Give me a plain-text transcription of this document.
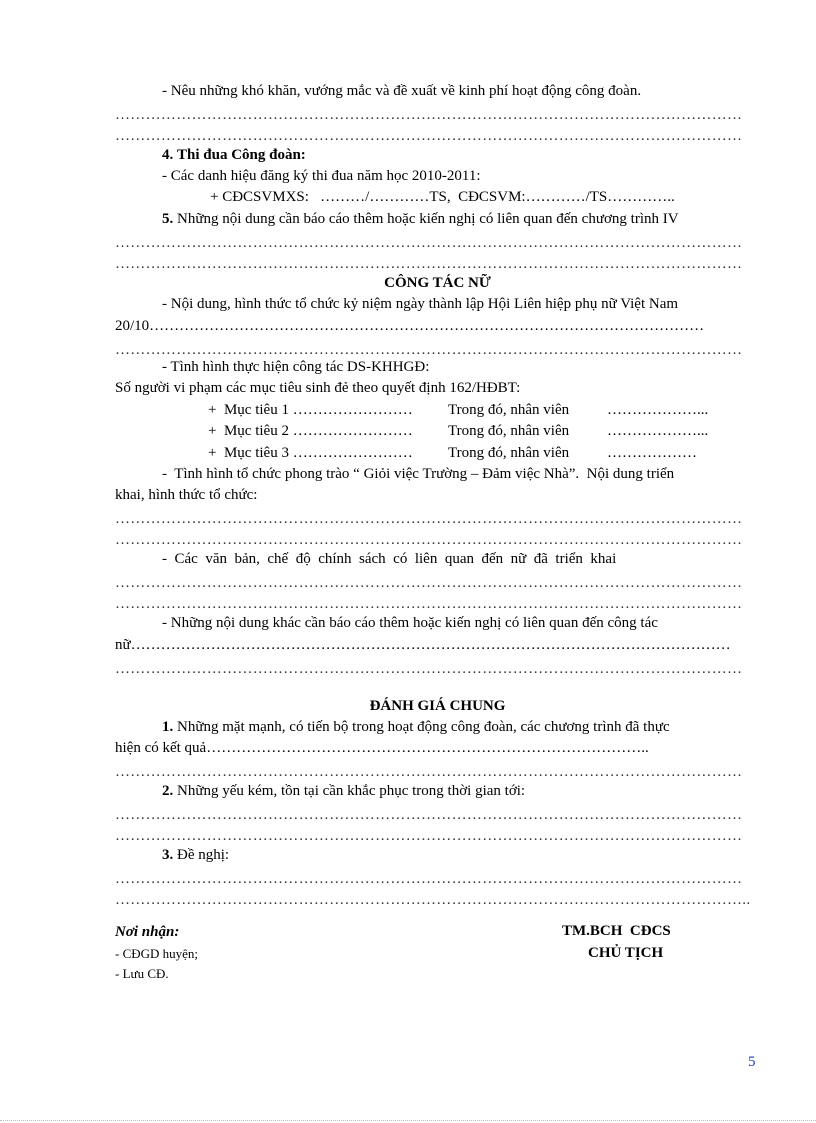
- Nêu những khó khăn, vướng mắc và đề xuất về kinh phí hoạt động công đoàn.
……………………………………………………………………………………………………………
……………………………………………………………………………………………………………
4. Thi đua Công đoàn:
- Các danh hiệu đăng ký thi đua năm học 2010-2011:
+ CĐCSVMXS:   ………/…………TS,  CĐCSVM:…………/TS…………..
5. Những nội dung cần báo cáo thêm hoặc kiến nghị có liên quan đến chương trình IV
……………………………………………………………………………………………………………
……………………………………………………………………………………………………………
CÔNG TÁC NỮ
- Nội dung, hình thức tổ chức kỷ niệm ngày thành lập Hội Liên hiệp phụ nữ Việt Nam
20/10…………………………………………………………………………………………………
……………………………………………………………………………………………………………
- Tình hình thực hiện công tác DS-KHHGĐ:
Số người vi phạm các mục tiêu sinh đẻ theo quyết định 162/HĐBT:
+  Mục tiêu 1 …………………… Trong đó, nhân viên	………………...
+  Mục tiêu 2 …………………… Trong đó, nhân viên	………………...
+  Mục tiêu 3 …………………… Trong đó, nhân viên	………………
-  Tình hình tổ chức phong trào “ Giỏi việc Trường – Đảm việc Nhà”.  Nội dung triển
khai, hình thức tổ chức:
……………………………………………………………………………………………………………
……………………………………………………………………………………………………………
-  Các  văn  bản,  chế  độ  chính  sách  có  liên  quan  đến  nữ  đã  triển  khai
……………………………………………………………………………………………………………
……………………………………………………………………………………………………………
- Những nội dung khác cần báo cáo thêm hoặc kiến nghị có liên quan đến công tác
nữ…………………………………………………………………………………………………………
……………………………………………………………………………………………………………
ĐÁNH GIÁ CHUNG
1. Những mặt mạnh, có tiến bộ trong hoạt động công đoàn, các chương trình đã thực
hiện có kết quả……………………………………………………………………………..
……………………………………………………………………………………………………………
2. Những yếu kém, tồn tại cần khắc phục trong thời gian tới:
……………………………………………………………………………………………………………
……………………………………………………………………………………………………………
3. Đề nghị:
……………………………………………………………………………………………………………
……………………………………………………………………………………………………………..
Nơi nhận:
- CĐGD huyện;
- Lưu CĐ.
TM.BCH  CĐCS
CHỦ TỊCH
5
